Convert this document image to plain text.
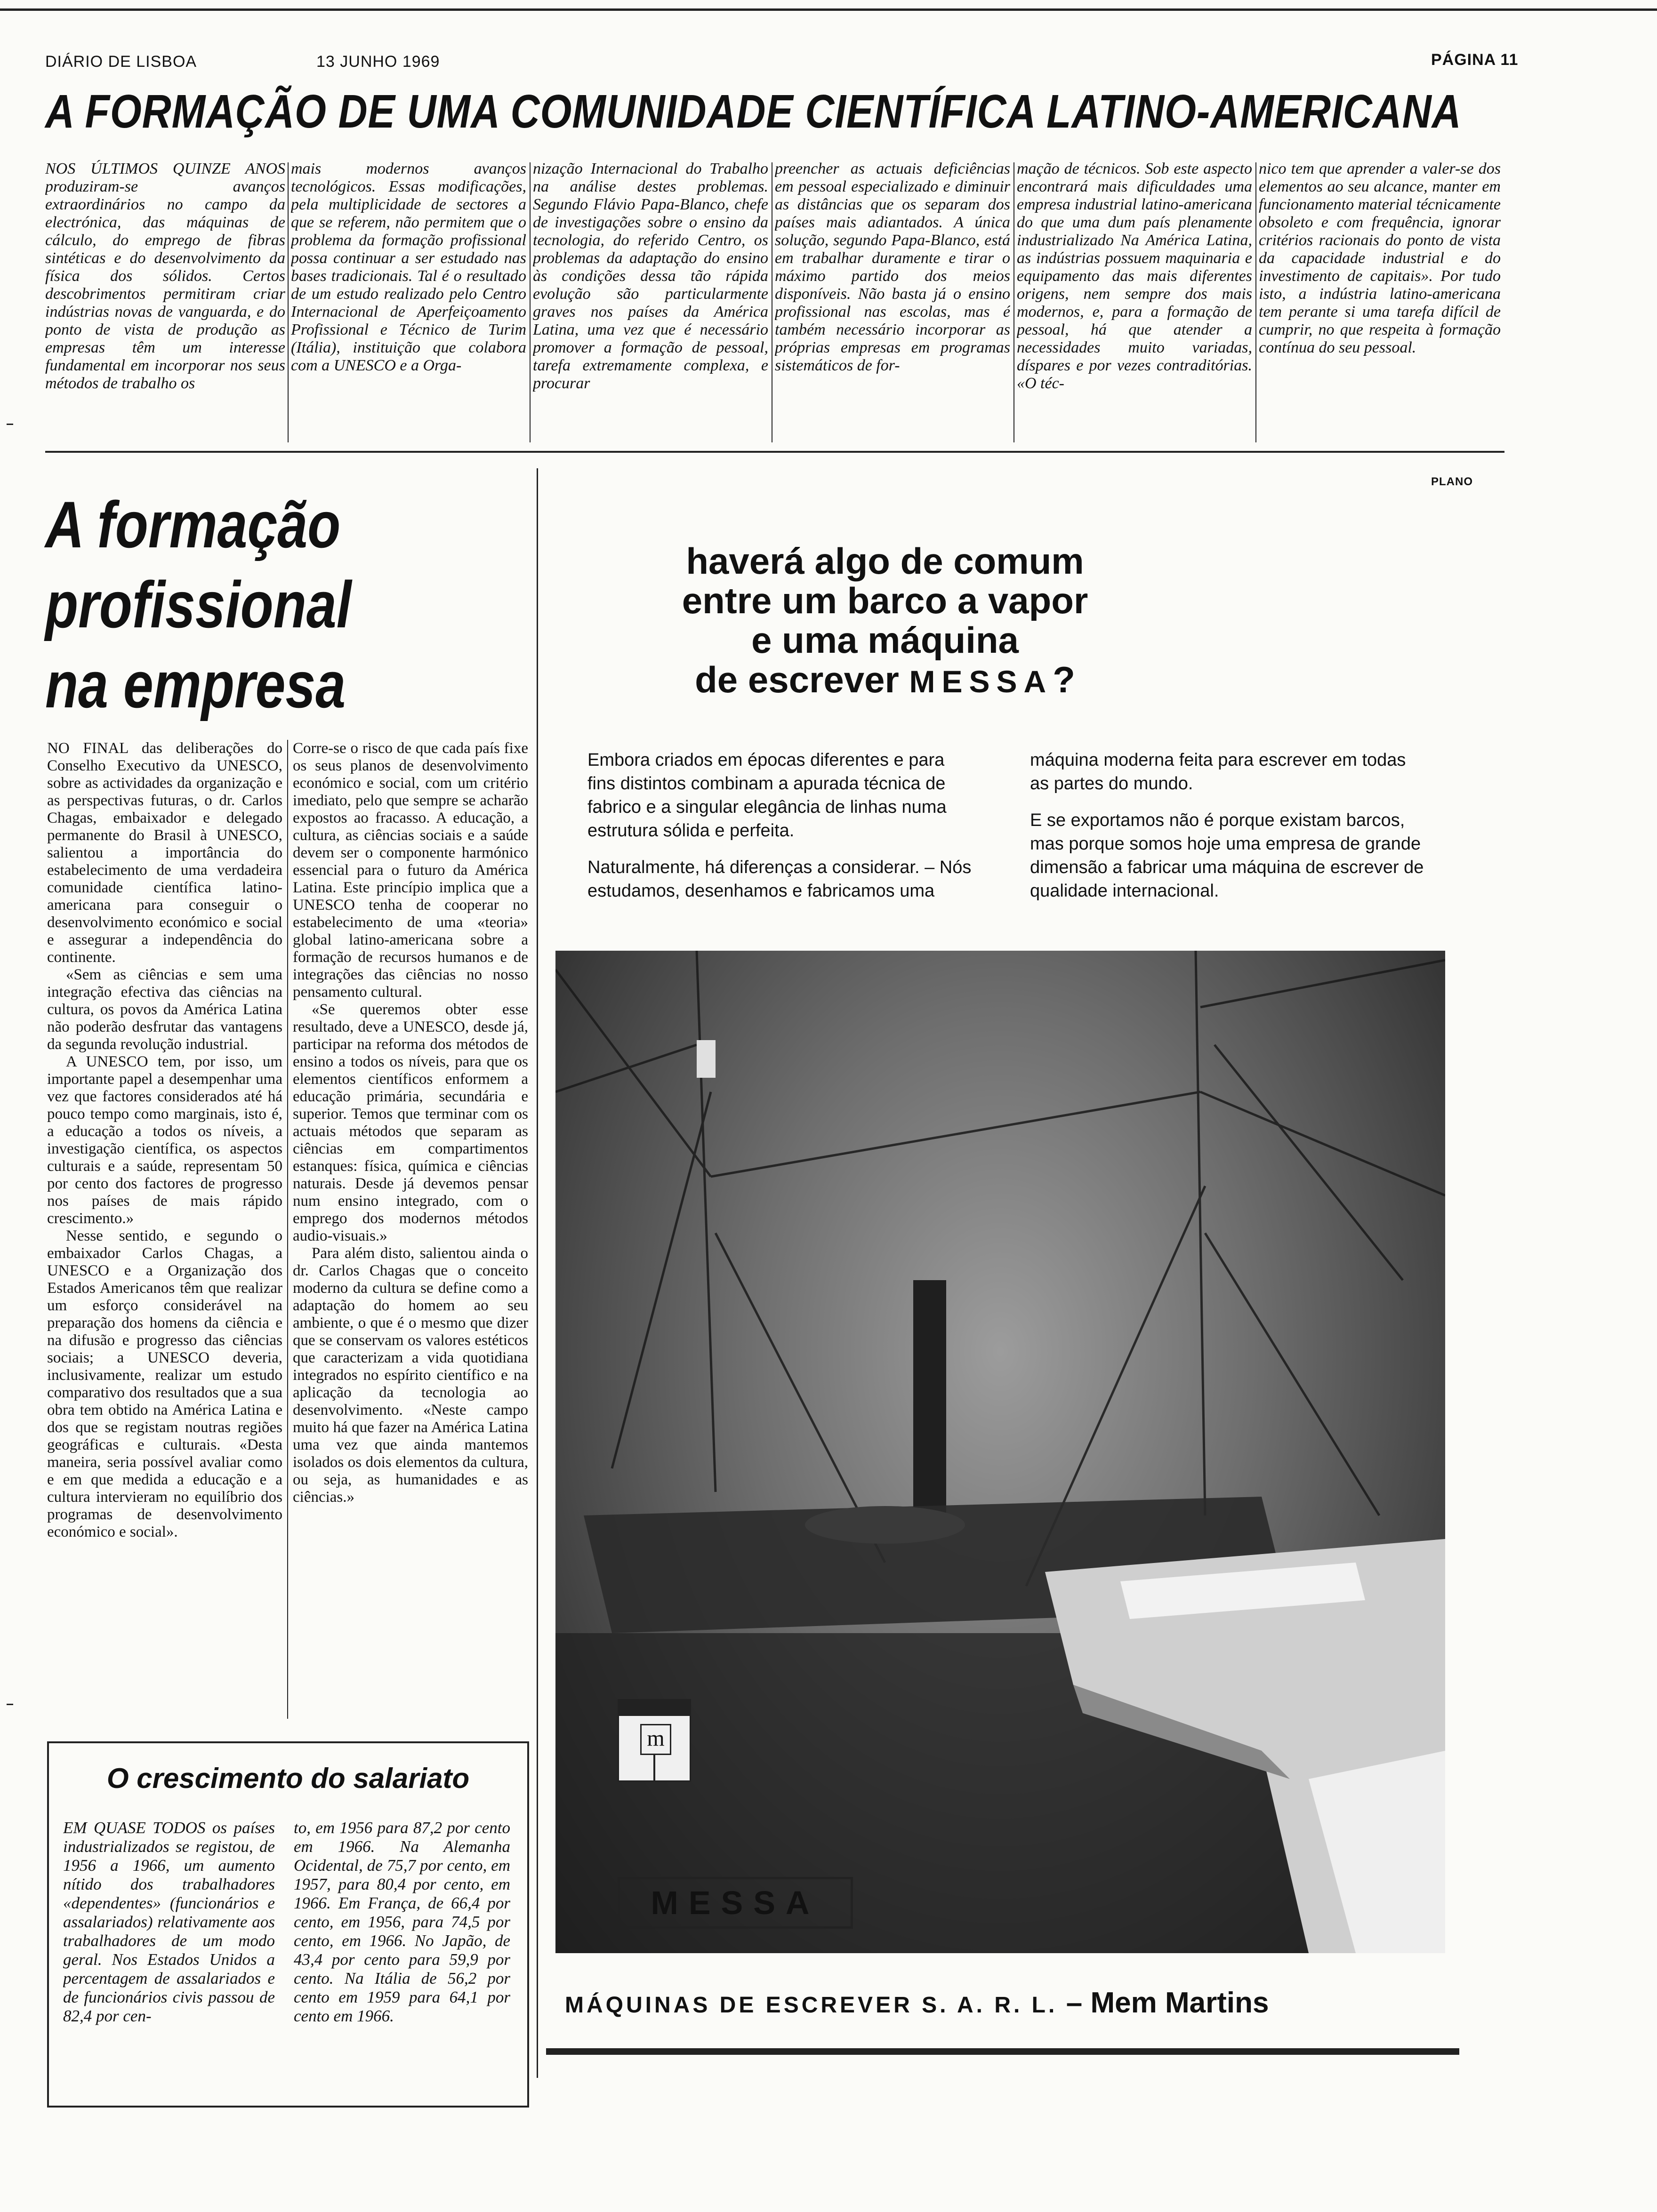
DIÁRIO DE LISBOA	13 JUNHO 1969	PÁGINA 11
A FORMAÇÃO DE UMA COMUNIDADE CIENTÍFICA LATINO-AMERICANA
NOS ÚLTIMOS QUINZE ANOS produziram-se avanços extraordinários no campo da electrónica, das máquinas de cálculo, do emprego de fibras sintéticas e do desenvolvimento da física dos sólidos. Certos descobrimentos permitiram criar indústrias novas de vanguarda, e do ponto de vista de produção as empresas têm um interesse fundamental em incorporar nos seus métodos de trabalho os
mais modernos avanços tecnológicos. Essas modificações, pela multiplicidade de sectores a que se referem, não permitem que o problema da formação profissional possa continuar a ser estudado nas bases tradicionais. Tal é o resultado de um estudo realizado pelo Centro Internacional de Aperfeiçoamento Profissional e Técnico de Turim (Itália), instituição que colabora com a UNESCO e a Orga-
nização Internacional do Trabalho na análise destes problemas. Segundo Flávio Papa-Blanco, chefe de investigações sobre o ensino da tecnologia, do referido Centro, os problemas da adaptação do ensino às condições dessa tão rápida evolução são particularmente graves nos países da América Latina, uma vez que é necessário promover a formação de pessoal, tarefa extremamente complexa, e procurar
preencher as actuais deficiências em pessoal especializado e diminuir as distâncias que os separam dos países mais adiantados. A única solução, segundo Papa-Blanco, está em trabalhar duramente e tirar o máximo partido dos meios disponíveis. Não basta já o ensino profissional nas escolas, mas é também necessário incorporar as próprias empresas em programas sistemáticos de for-
mação de técnicos. Sob este aspecto encontrará mais dificuldades uma empresa industrial latino-americana do que uma dum país plenamente industrializado Na América Latina, as indústrias possuem maquinaria e equipamento das mais diferentes origens, nem sempre dos mais modernos, e, para a formação de pessoal, há que atender a necessidades muito variadas, díspares e por vezes contraditórias. «O téc-
nico tem que aprender a valer-se dos elementos ao seu alcance, manter em funcionamento material técnicamente obsoleto e com frequência, ignorar critérios racionais do ponto de vista da capacidade industrial e do investimento de capitais». Por tudo isto, a indústria latino-americana tem perante si uma tarefa difícil de cumprir, no que respeita à formação contínua do seu pessoal.
A formação
profissional
na empresa

NO FINAL das deliberações do Conselho Executivo da UNESCO, sobre as actividades da organização e as perspectivas futuras, o dr. Carlos Chagas, embaixador e delegado permanente do Brasil à UNESCO, salientou a importância do estabelecimento de uma verdadeira comunidade científica latino-americana para conseguir o desenvolvimento económico e social e assegurar a independência do continente.

«Sem as ciências e sem uma integração efectiva das ciências na cultura, os povos da América Latina não poderão desfrutar das vantagens da segunda revolução industrial.

A UNESCO tem, por isso, um importante papel a desempenhar uma vez que factores considerados até há pouco tempo como marginais, isto é, a educação a todos os níveis, a investigação científica, os aspectos culturais e a saúde, representam 50 por cento dos factores de progresso nos países de mais rápido crescimento.»

Nesse sentido, e segundo o embaixador Carlos Chagas, a UNESCO e a Organização dos Estados Americanos têm que realizar um esforço considerável na preparação dos homens da ciência e na difusão e progresso das ciências sociais; a UNESCO deveria, inclusivamente, realizar um estudo comparativo dos resultados que a sua obra tem obtido na América Latina e dos que se registam noutras regiões geográficas e culturais. «Desta maneira, seria possível avaliar como e em que medida a educação e a cultura intervieram no equilíbrio dos programas de desenvolvimento económico e social».

Corre-se o risco de que cada país fixe os seus planos de desenvolvimento económico e social, com um critério imediato, pelo que sempre se acharão expostos ao fracasso. A educação, a cultura, as ciências sociais e a saúde devem ser o componente harmónico essencial para o futuro da América Latina. Este princípio implica que a UNESCO tenha de cooperar no estabelecimento de uma «teoria» global latino-americana sobre a formação de recursos humanos e de integrações das ciências no nosso pensamento cultural.

«Se queremos obter esse resultado, deve a UNESCO, desde já, participar na reforma dos métodos de ensino a todos os níveis, para que os elementos científicos enformem a educação primária, secundária e superior. Temos que terminar com os actuais métodos que separam as ciências em compartimentos estanques: física, química e ciências naturais. Desde já devemos pensar num ensino integrado, com o emprego dos modernos métodos audio-visuais.»

Para além disto, salientou ainda o dr. Carlos Chagas que o conceito moderno da cultura se define como a adaptação do homem ao seu ambiente, o que é o mesmo que dizer que se conservam os valores estéticos que caracterizam a vida quotidiana integrados no espírito científico e na aplicação da tecnologia ao desenvolvimento. «Neste campo muito há que fazer na América Latina uma vez que ainda mantemos isolados os dois elementos da cultura, ou seja, as humanidades e as ciências.»

O crescimento do salariato
EM QUASE TODOS os países industrializados se registou, de 1956 a 1966, um aumento nítido dos trabalhadores «dependentes» (funcionários e assalariados) relativamente aos trabalhadores de um modo geral. Nos Estados Unidos a percentagem de assalariados e de funcionários civis passou de 82,4 por cen-
to, em 1956 para 87,2 por cento em 1966. Na Alemanha Ocidental, de 75,7 por cento, em 1957, para 80,4 por cento, em 1966. Em França, de 66,4 por cento, em 1956, para 74,5 por cento, em 1966. No Japão, de 43,4 por cento para 59,9 por cento. Na Itália de 56,2 por cento em 1959 para 64,1 por cento em 1966.
PLANO
haverá algo de comum
entre um barco a vapor
e uma máquina
de escrever MESSA?

Embora criados em épocas diferentes e para fins distintos combinam a apurada técnica de fabrico e a singular elegância de linhas numa estrutura sólida e perfeita.

Naturalmente, há diferenças a considerar. – Nós estudamos, desenhamos e fabricamos uma

máquina moderna feita para escrever em todas as partes do mundo.

E se exportamos não é porque existam barcos, mas porque somos hoje uma empresa de grande dimensão a fabricar uma máquina de escrever de qualidade internacional.

m
MESSA
MÁQUINAS DE ESCREVER S. A. R. L. – Mem Martins
